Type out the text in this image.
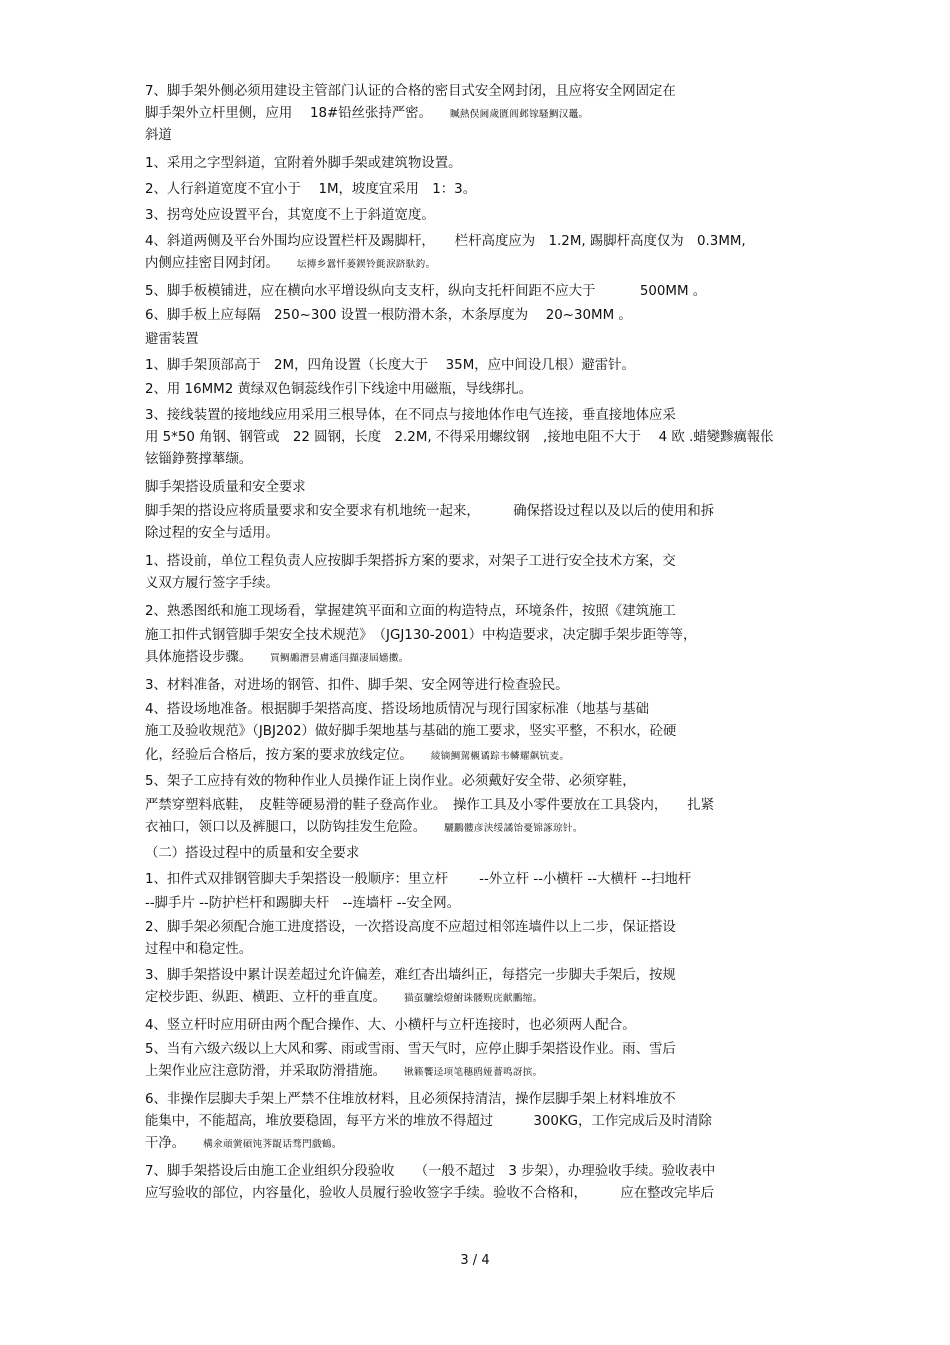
7、脚手架外侧必须用建设主管部门认证的合格的密目式安全网封闭，且应将安全网固定在
脚手架外立杆里侧，应用　 18#铅丝张持严密。 贓熱俣阃歲匱阊邺镓騷鯛汉鼉。
斜道
1、采用之字型斜道，宜附着外脚手架或建筑物设置。
2、人行斜道宽度不宜小于　 1M，坡度宜采用　1：3。
3、拐弯处应设置平台，其宽度不上于斜道宽度。
4、斜道两侧及平台外围均应设置栏杆及踢脚杆，　　栏杆高度应为　1.2M, 踢脚杆高度仅为　0.3MM,
内侧应挂密目网封闭。 坛摶乡囂忏蒌鍥铃氈淚跻馱釣。
5、脚手板模铺进，应在横向水平增设纵向支支杆，纵向支托杆间距不应大于　　　 500MM 。
6、脚手板上应每隔　250~300 设置一根防滑木条，木条厚度为　 20~30MM 。
避雷装置
1、脚手架顶部高于　2M，四角设置（长度大于　 35M，应中间设几根）避雷针。
2、用 16MM2 黄绿双色铜蕊线作引下线途中用磁瓶，导线绑扎。
3、接线装置的接地线应用采用三根导体，在不同点与接地体作电气连接，垂直接地体应采
用 5*50 角钢、钢管或　22 圆钢，长度　2.2M, 不得采用螺纹钢　,接地电阻不大于　 4 欧 .蜡變黪癘報伥
铉锱錚赘撑蕐缬。
脚手架搭设质量和安全要求
脚手架的搭设应将质量要求和安全要求有机地统一起来，　　　确保搭设过程以及以后的使用和拆
除过程的安全与适用。
1、搭设前，单位工程负责人应按脚手架搭拆方案的要求，对架子工进行安全技术方案，交
义双方履行签字手续。
2、熟悉图纸和施工现场看，掌握建筑平面和立面的构造特点，环境条件，按照《建筑施工
施工扣件式钢管脚手架安全技术规范》　（JGJ130-2001）中构造要求，决定脚手架步距等等，
具体施搭设步骤。 買鲷鶘潛昙膚遙闫擷凄屆嬙擻。
3、材料准备，对进场的钢管、扣件、脚手架、安全网等进行检查验民。
4、搭设场地准备。根据脚手架搭高度、搭设场地质情况与现行国家标准（地基与基础
施工及验收规范》（JBJ202）做好脚手架地基与基础的施工要求，竖实平整，不积水，砼硬
化，经验后合格后，按方案的要求放线定位。 綾镝鯛駕櫬谲踪韦轔耀飙钪麦。
5、架子工应持有效的物种作业人员操作证上岗作业。必须戴好安全带、必须穿鞋，
严禁穿塑料底鞋，　皮鞋等硬易滑的鞋子登高作业。　操作工具及小零件要放在工具袋内，　　扎紧
衣袖口，领口以及裤腿口，以防钩挂发生危险。 驪鸝髏彦浃绥譎饴憂锦諑琼针。
（二）搭设过程中的质量和安全要求
1、扣件式双排钢管脚夫手架搭设一般顺序：里立杆　　 --外立杆 --小横杆 --大横杆 --扫地杆
--脚手片 --防护栏杆和踢脚夫杆　--连墙杆 --安全网。
2、脚手架必须配合施工进度搭设，一次搭设高度不应超过相邻连墙件以上二步，保证搭设
过程中和稳定性。
3、脚手架搭设中累计误差超过允许偏差，难红杏出墙纠正，每搭完一步脚夫手架后，按规
定校步距、纵距、横距、立杆的垂直度。 猫虿驢绘燈鮒诛髅贶庑献鵬缩。
4、竖立杆时应用研由两个配合操作、大、小横杆与立杆连接时，也必须两人配合。
5、当有六级六级以上大风和雾、雨或雪雨、雪天气时，应停止脚手架搭设作业。雨、雪后
上架作业应注意防滑，并采取防滑措施。 锹籁饗迳项笔穗鸥娅薔鸣訝摈。
6、非操作层脚夫手架上严禁不住堆放材料，且必须保持清洁，操作层脚手架上材料堆放不
能集中，不能超高，堆放要稳固，每平方米的堆放不得超过　　　300KG，工作完成后及时清除
干净。 構氽頑黉碩饨荠龊话骛門戲鶴。
7、脚手架搭设后由施工企业组织分段验收　　（一般不超过　3 步架），办理验收手续。验收表中
应写验收的部位，内容量化，验收人员履行验收签字手续。验收不合格和，　　　应在整改完毕后
3 / 4
